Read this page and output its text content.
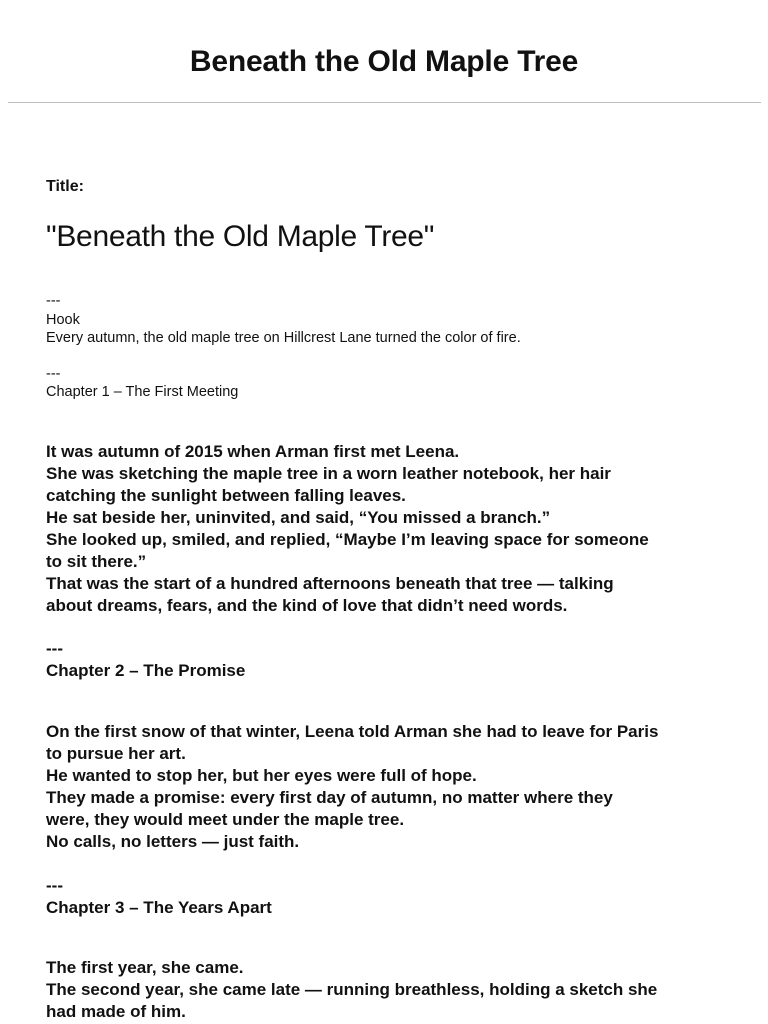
Beneath the Old Maple Tree
Title:
"Beneath the Old Maple Tree"
---
Hook
Every autumn, the old maple tree on Hillcrest Lane turned the color of fire.
---
Chapter 1 – The First Meeting

It was autumn of 2015 when Arman first met Leena.

She was sketching the maple tree in a worn leather notebook, her hair

catching the sunlight between falling leaves.

He sat beside her, uninvited, and said, “You missed a branch.”

She looked up, smiled, and replied, “Maybe I’m leaving space for someone

to sit there.”

That was the start of a hundred afternoons beneath that tree — talking

about dreams, fears, and the kind of love that didn’t need words.

---
Chapter 2 – The Promise

On the first snow of that winter, Leena told Arman she had to leave for Paris

to pursue her art.

He wanted to stop her, but her eyes were full of hope.

They made a promise: every first day of autumn, no matter where they

were, they would meet under the maple tree.

No calls, no letters — just faith.

---
Chapter 3 – The Years Apart

The first year, she came.

The second year, she came late — running breathless, holding a sketch she

had made of him.
